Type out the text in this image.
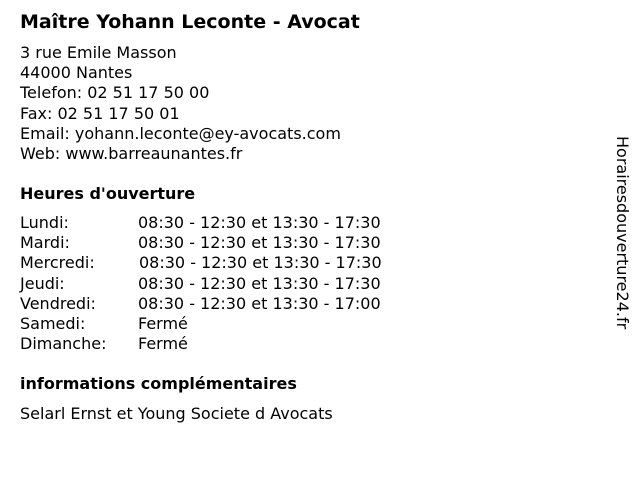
Maître Yohann Leconte - Avocat
3 rue Emile Masson
44000 Nantes
Telefon: 02 51 17 50 00
Fax: 02 51 17 50 01
Email: yohann.leconte@ey-avocats.com
Web: www.barreaunantes.fr
Heures d'ouverture
Lundi:	08:30 - 12:30 et 13:30 - 17:30
Mardi:	08:30 - 12:30 et 13:30 - 17:30
Mercredi:	08:30 - 12:30 et 13:30 - 17:30
Jeudi:	08:30 - 12:30 et 13:30 - 17:30
Vendredi:	08:30 - 12:30 et 13:30 - 17:00
Samedi:	Fermé
Dimanche: Fermé
informations complémentaires
Selarl Ernst et Young Societe d Avocats
Horairesdouverture24.fr
